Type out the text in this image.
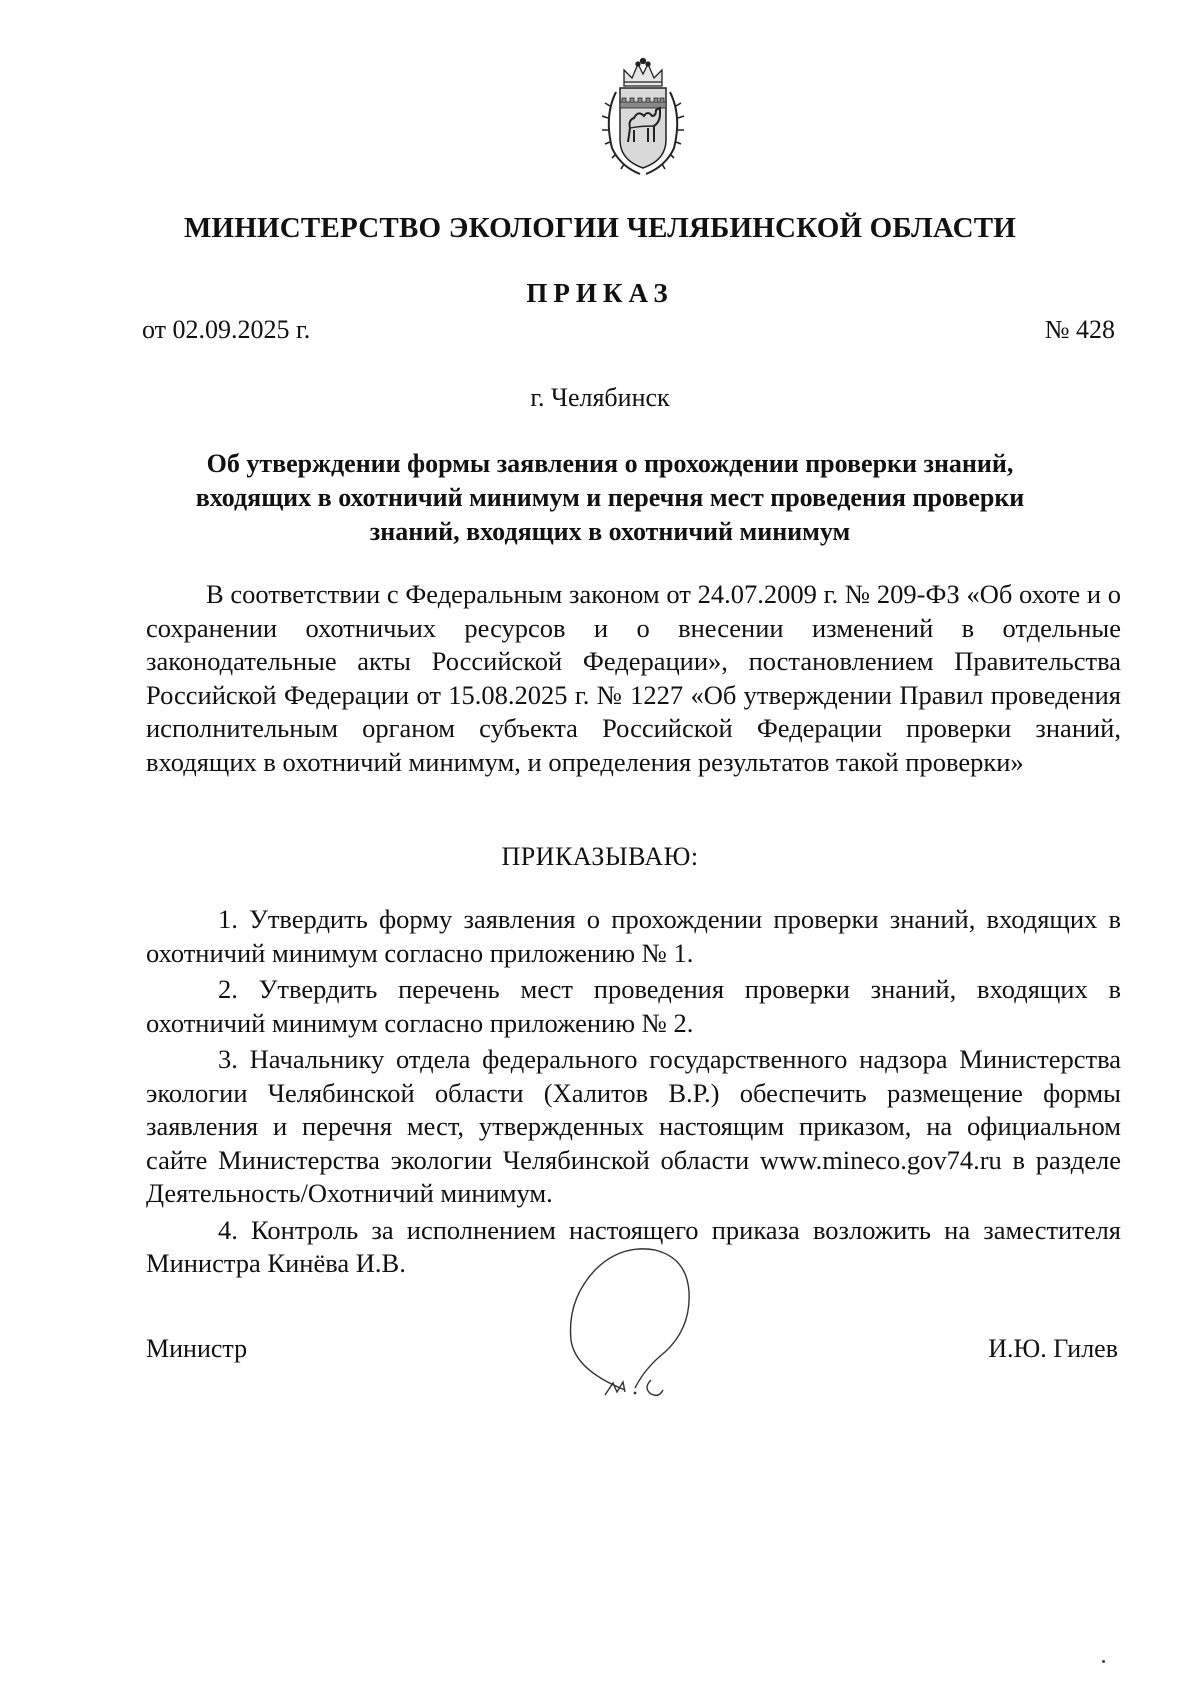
МИНИСТЕРСТВО ЭКОЛОГИИ ЧЕЛЯБИНСКОЙ ОБЛАСТИ
ПРИКАЗ
от 02.09.2025 г.	№ 428
г. Челябинск
Об утверждении формы заявления о прохождении проверки знаний, входящих в охотничий минимум и перечня мест проведения проверки знаний, входящих в охотничий минимум
В соответствии с Федеральным законом от 24.07.2009 г. № 209-ФЗ «Об охоте и о сохранении охотничьих ресурсов и о внесении изменений в отдельные законодательные акты Российской Федерации», постановлением Правительства Российской Федерации от 15.08.2025 г. № 1227 «Об утверждении Правил проведения исполнительным органом субъекта Российской Федерации проверки знаний, входящих в охотничий минимум, и определения результатов такой проверки»
ПРИКАЗЫВАЮ:

1. Утвердить форму заявления о прохождении проверки знаний, входящих в охотничий минимум согласно приложению № 1.

2. Утвердить перечень мест проведения проверки знаний, входящих в охотничий минимум согласно приложению № 2.

3. Начальнику отдела федерального государственного надзора Министерства экологии Челябинской области (Халитов В.Р.) обеспечить размещение формы заявления и перечня мест, утвержденных настоящим приказом, на официальном сайте Министерства экологии Челябинской области www.mineco.gov74.ru в разделе Деятельность/Охотничий минимум.

4. Контроль за исполнением настоящего приказа возложить на заместителя Министра Кинёва И.В.

Министр	И.Ю. Гилев
